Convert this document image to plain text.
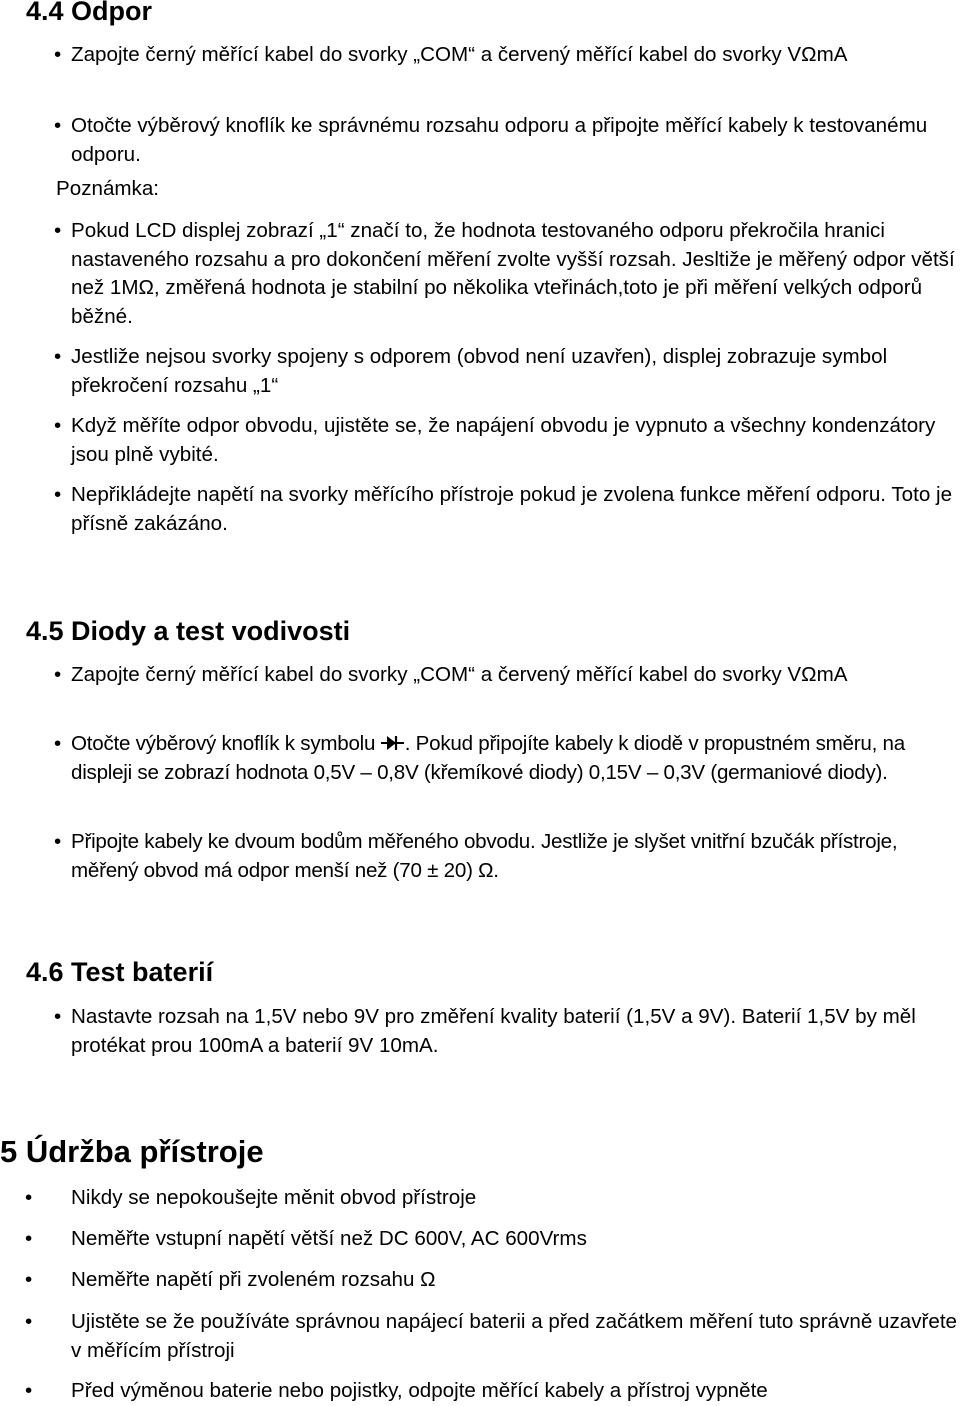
4.4 Odpor
• Zapojte černý měřící kabel do svorky „COM“ a červený měřící kabel do svorky VΩmA
• Otočte výběrový knoflík ke správnému rozsahu odporu a připojte měřící kabely k testovanému odporu.
Poznámka:
• Pokud LCD displej zobrazí „1“ značí to, že hodnota testovaného odporu překročila hranici nastaveného rozsahu a pro dokončení měření zvolte vyšší rozsah. Jesltiže je měřený odpor větší než 1MΩ, změřená hodnota je stabilní po několika vteřinách,toto je při měření velkých odporů běžné.
• Jestliže nejsou svorky spojeny s odporem (obvod není uzavřen), displej zobrazuje symbol překročení rozsahu „1“
• Když měříte odpor obvodu, ujistěte se, že napájení obvodu je vypnuto a všechny kondenzátory jsou plně vybité.
• Nepřikládejte napětí na svorky měřícího přístroje pokud je zvolena funkce měření odporu. Toto je přísně zakázáno.
4.5 Diody a test vodivosti
• Zapojte černý měřící kabel do svorky „COM“ a červený měřící kabel do svorky VΩmA
• Otočte výběrový knoflík k symbolu . Pokud připojíte kabely k diodě v propustném směru, na displeji se zobrazí hodnota 0,5V – 0,8V (křemíkové diody) 0,15V – 0,3V (germaniové diody).
• Připojte kabely ke dvoum bodům měřeného obvodu. Jestliže je slyšet vnitřní bzučák přístroje, měřený obvod má odpor menší než (70 ± 20) Ω.
4.6 Test baterií
• Nastavte rozsah na 1,5V nebo 9V pro změření kvality baterií (1,5V a 9V). Baterií 1,5V by měl protékat prou 100mA a baterií 9V 10mA.
5 Údržba přístroje
• Nikdy se nepokoušejte měnit obvod přístroje
• Neměřte vstupní napětí větší než DC 600V, AC 600Vrms
• Neměřte napětí při zvoleném rozsahu Ω
• Ujistěte se že používáte správnou napájecí baterii a před začátkem měření tuto správně uzavřete v měřícím přístroji
• Před výměnou baterie nebo pojistky, odpojte měřící kabely a přístroj vypněte
